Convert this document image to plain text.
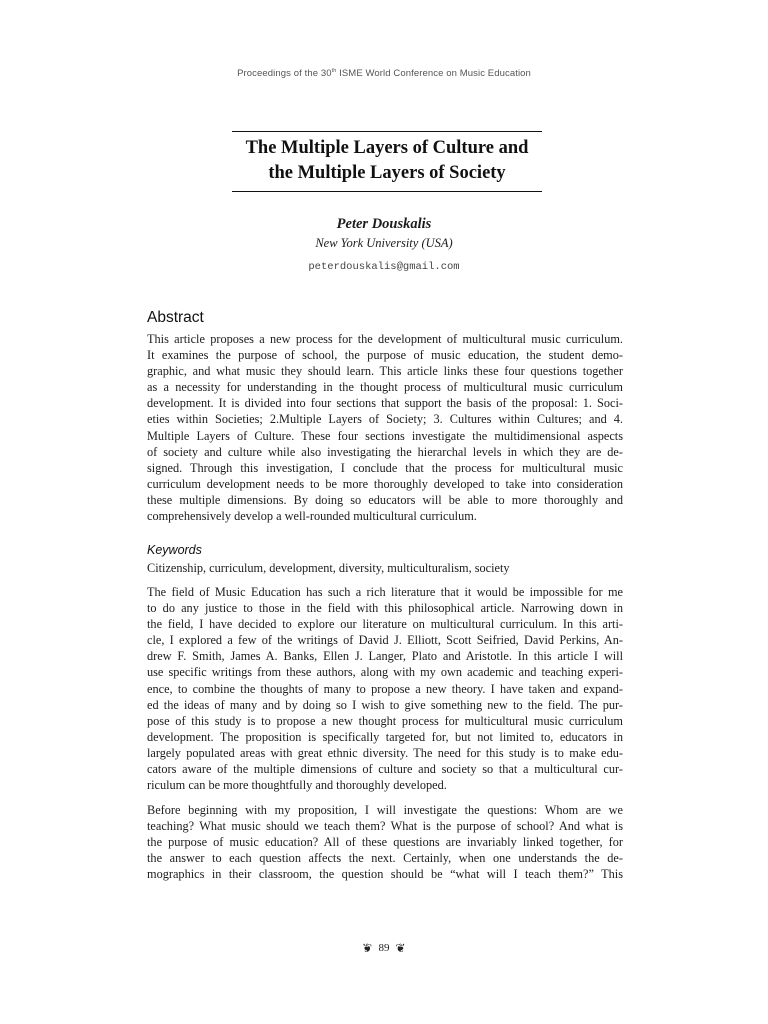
Proceedings of the 30th ISME World Conference on Music Education
The Multiple Layers of Culture and
the Multiple Layers of Society
Peter Douskalis
New York University (USA)
peterdouskalis@gmail.com
Abstract
This article proposes a new process for the development of multicultural music curriculum.
It examines the purpose of school, the purpose of music education, the student demo-
graphic, and what music they should learn. This article links these four questions together
as a necessity for understanding in the thought process of multicultural music curriculum
development. It is divided into four sections that support the basis of the proposal: 1. Soci-
eties within Societies; 2.Multiple Layers of Society; 3. Cultures within Cultures; and 4.
Multiple Layers of Culture. These four sections investigate the multidimensional aspects
of society and culture while also investigating the hierarchal levels in which they are de-
signed. Through this investigation, I conclude that the process for multicultural music
curriculum development needs to be more thoroughly developed to take into consideration
these multiple dimensions. By doing so educators will be able to more thoroughly and
comprehensively develop a well-rounded multicultural curriculum.
Keywords
Citizenship, curriculum, development, diversity, multiculturalism, society
The field of Music Education has such a rich literature that it would be impossible for me
to do any justice to those in the field with this philosophical article. Narrowing down in
the field, I have decided to explore our literature on multicultural curriculum. In this arti-
cle, I explored a few of the writings of David J. Elliott, Scott Seifried, David Perkins, An-
drew F. Smith, James A. Banks, Ellen J. Langer, Plato and Aristotle. In this article I will
use specific writings from these authors, along with my own academic and teaching experi-
ence, to combine the thoughts of many to propose a new theory. I have taken and expand-
ed the ideas of many and by doing so I wish to give something new to the field. The pur-
pose of this study is to propose a new thought process for multicultural music curriculum
development. The proposition is specifically targeted for, but not limited to, educators in
largely populated areas with great ethnic diversity. The need for this study is to make edu-
cators aware of the multiple dimensions of culture and society so that a multicultural cur-
riculum can be more thoughtfully and thoroughly developed.
Before beginning with my proposition, I will investigate the questions: Whom are we
teaching? What music should we teach them? What is the purpose of school? And what is
the purpose of music education? All of these questions are invariably linked together, for
the answer to each question affects the next. Certainly, when one understands the de-
mographics in their classroom, the question should be “what will I teach them?” This
❦ 89 ❦
